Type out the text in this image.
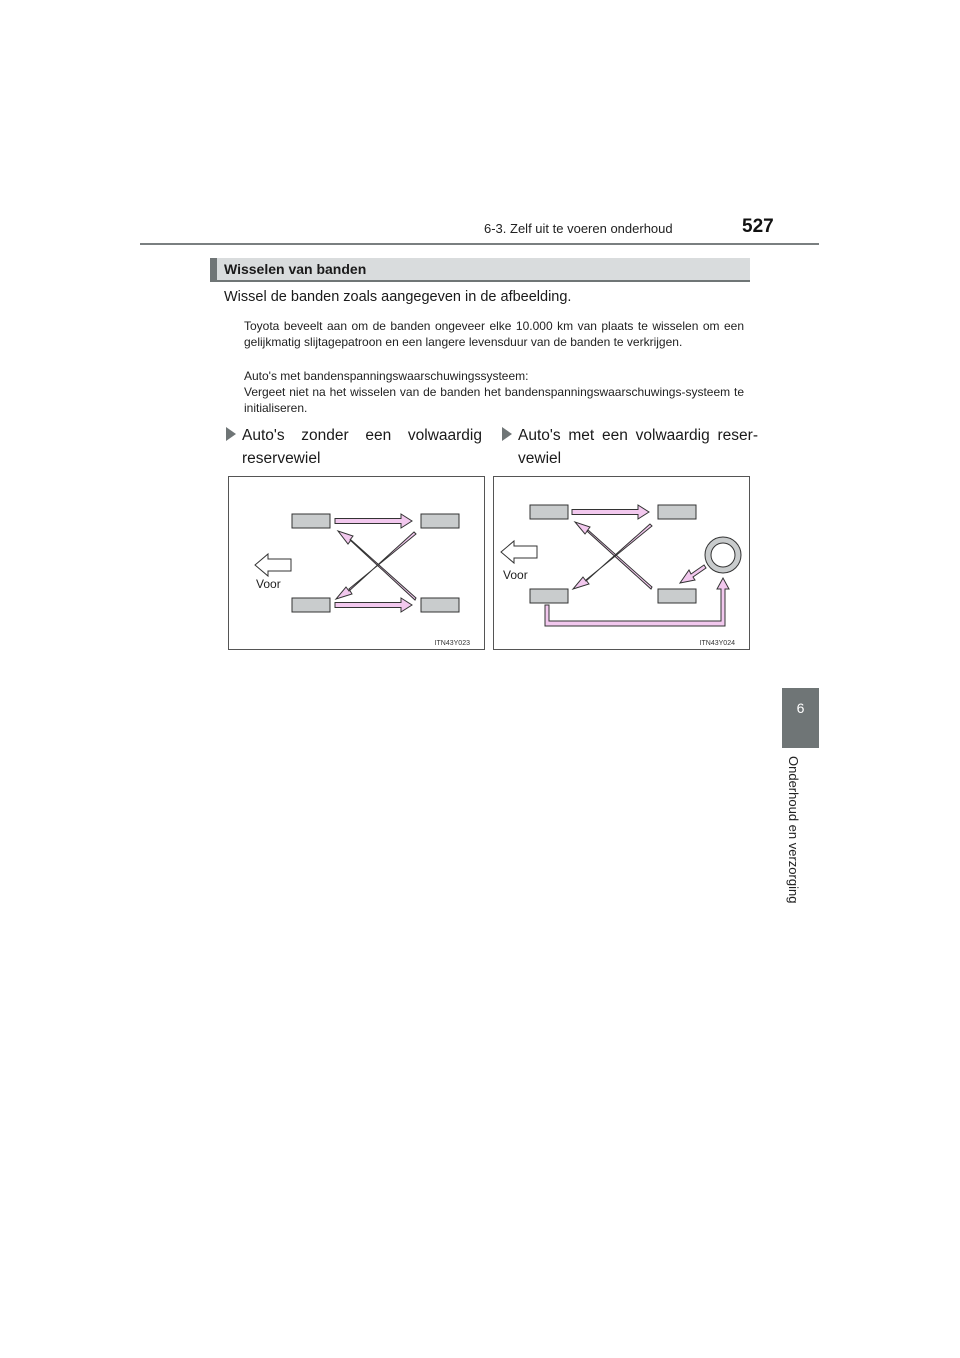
6-3. Zelf uit te voeren onderhoud	527
6
Onderhoud en verzorging
Wisselen van banden
Wissel de banden zoals aangegeven in de afbeelding.
Toyota beveelt aan om de banden ongeveer elke 10.000 km van plaats te wisselen om een gelijkmatig slijtagepatroon en een langere levensduur van de banden te verkrijgen.
Auto's met bandenspanningswaarschuwingssysteem:
Vergeet niet na het wisselen van de banden het bandenspanningswaarschuwings-systeem te initialiseren.
Auto's zonder een volwaardig reservewiel
Auto's met een volwaardig reser-vewiel
Voor
ITN43Y023
Voor
ITN43Y024
